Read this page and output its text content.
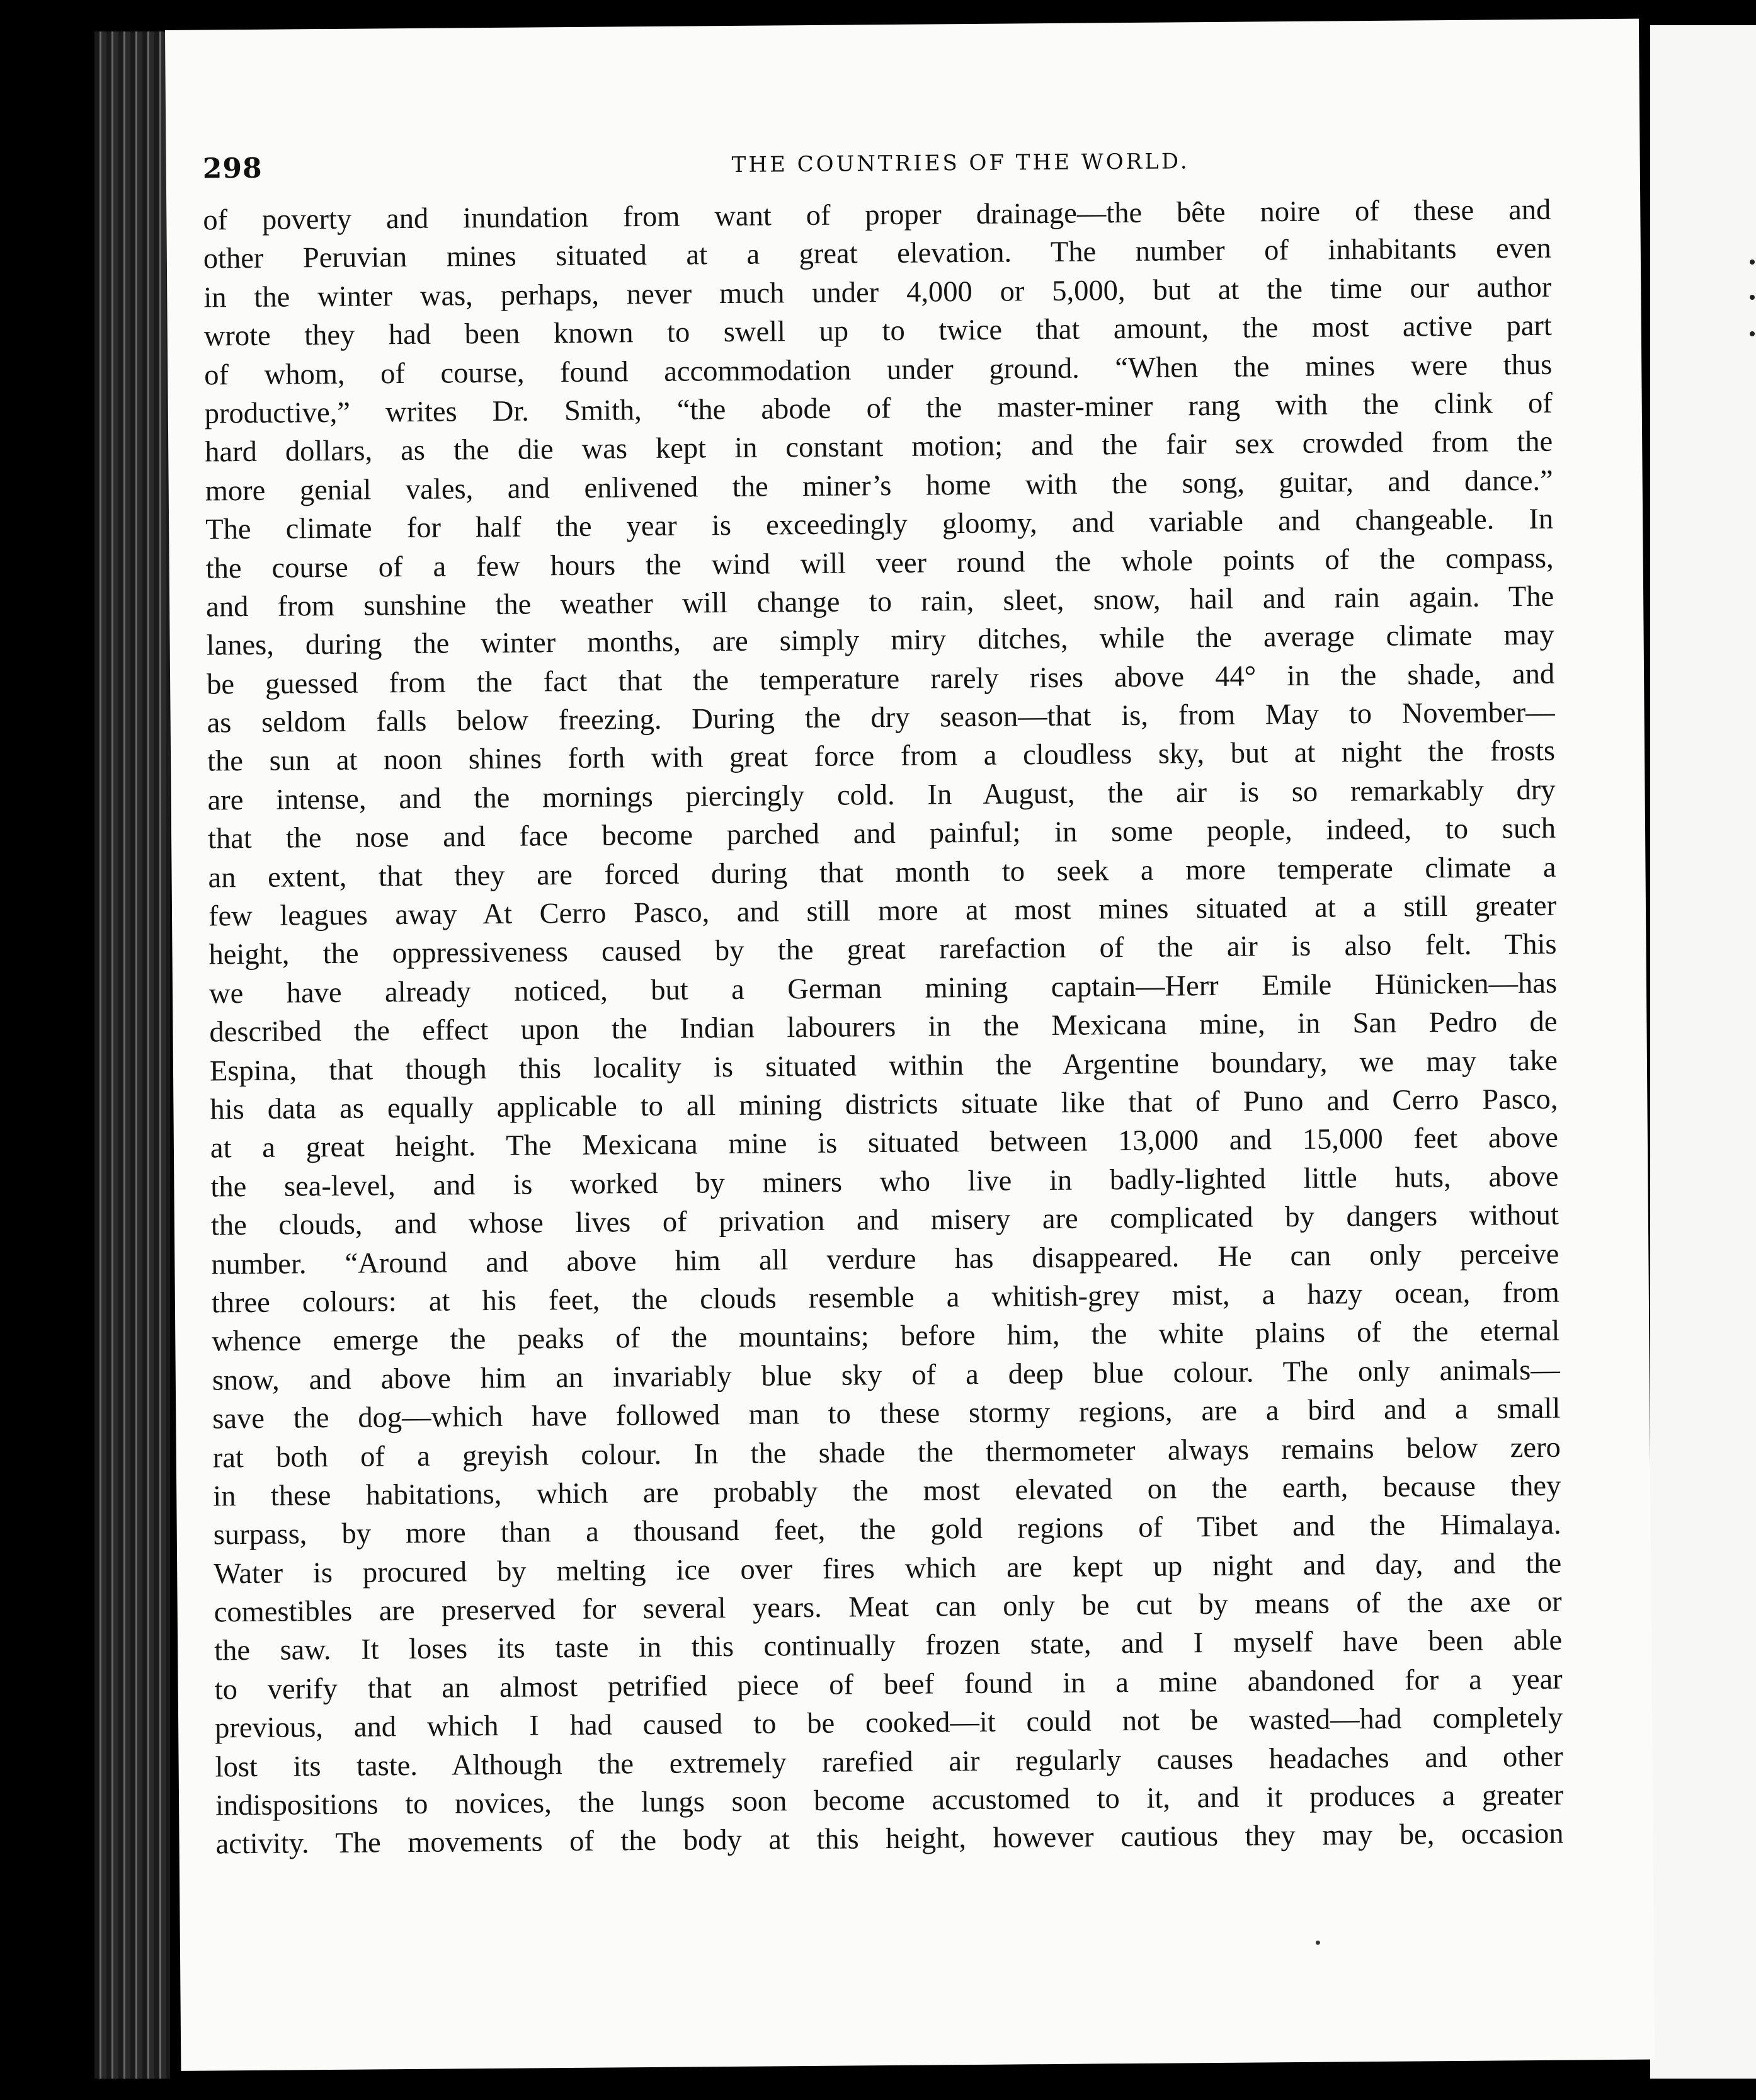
298	THE COUNTRIES OF THE WORLD.
of poverty and inundation from want of proper drainage—the bête noire of these and
other Peruvian mines situated at a great elevation. The number of inhabitants even
in the winter was, perhaps, never much under 4,000 or 5,000, but at the time our author
wrote they had been known to swell up to twice that amount, the most active part
of whom, of course, found accommodation under ground. “When the mines were thus
productive,” writes Dr. Smith, “the abode of the master-miner rang with the clink of
hard dollars, as the die was kept in constant motion; and the fair sex crowded from the
more genial vales, and enlivened the miner’s home with the song, guitar, and dance.”
The climate for half the year is exceedingly gloomy, and variable and changeable. In
the course of a few hours the wind will veer round the whole points of the compass,
and from sunshine the weather will change to rain, sleet, snow, hail and rain again. The
lanes, during the winter months, are simply miry ditches, while the average climate may
be guessed from the fact that the temperature rarely rises above 44° in the shade, and
as seldom falls below freezing. During the dry season—that is, from May to November—
the sun at noon shines forth with great force from a cloudless sky, but at night the frosts
are intense, and the mornings piercingly cold. In August, the air is so remarkably dry
that the nose and face become parched and painful; in some people, indeed, to such
an extent, that they are forced during that month to seek a more temperate climate a
few leagues away At Cerro Pasco, and still more at most mines situated at a still greater
height, the oppressiveness caused by the great rarefaction of the air is also felt. This
we have already noticed, but a German mining captain—Herr Emile Hünicken—has
described the effect upon the Indian labourers in the Mexicana mine, in San Pedro de
Espina, that though this locality is situated within the Argentine boundary, we may take
his data as equally applicable to all mining districts situate like that of Puno and Cerro Pasco,
at a great height. The Mexicana mine is situated between 13,000 and 15,000 feet above
the sea-level, and is worked by miners who live in badly-lighted little huts, above
the clouds, and whose lives of privation and misery are complicated by dangers without
number. “Around and above him all verdure has disappeared. He can only perceive
three colours: at his feet, the clouds resemble a whitish-grey mist, a hazy ocean, from
whence emerge the peaks of the mountains; before him, the white plains of the eternal
snow, and above him an invariably blue sky of a deep blue colour. The only animals—
save the dog—which have followed man to these stormy regions, are a bird and a small
rat both of a greyish colour. In the shade the thermometer always remains below zero
in these habitations, which are probably the most elevated on the earth, because they
surpass, by more than a thousand feet, the gold regions of Tibet and the Himalaya.
Water is procured by melting ice over fires which are kept up night and day, and the
comestibles are preserved for several years. Meat can only be cut by means of the axe or
the saw. It loses its taste in this continually frozen state, and I myself have been able
to verify that an almost petrified piece of beef found in a mine abandoned for a year
previous, and which I had caused to be cooked—it could not be wasted—had completely
lost its taste. Although the extremely rarefied air regularly causes headaches and other
indispositions to novices, the lungs soon become accustomed to it, and it produces a greater
activity. The movements of the body at this height, however cautious they may be, occasion
